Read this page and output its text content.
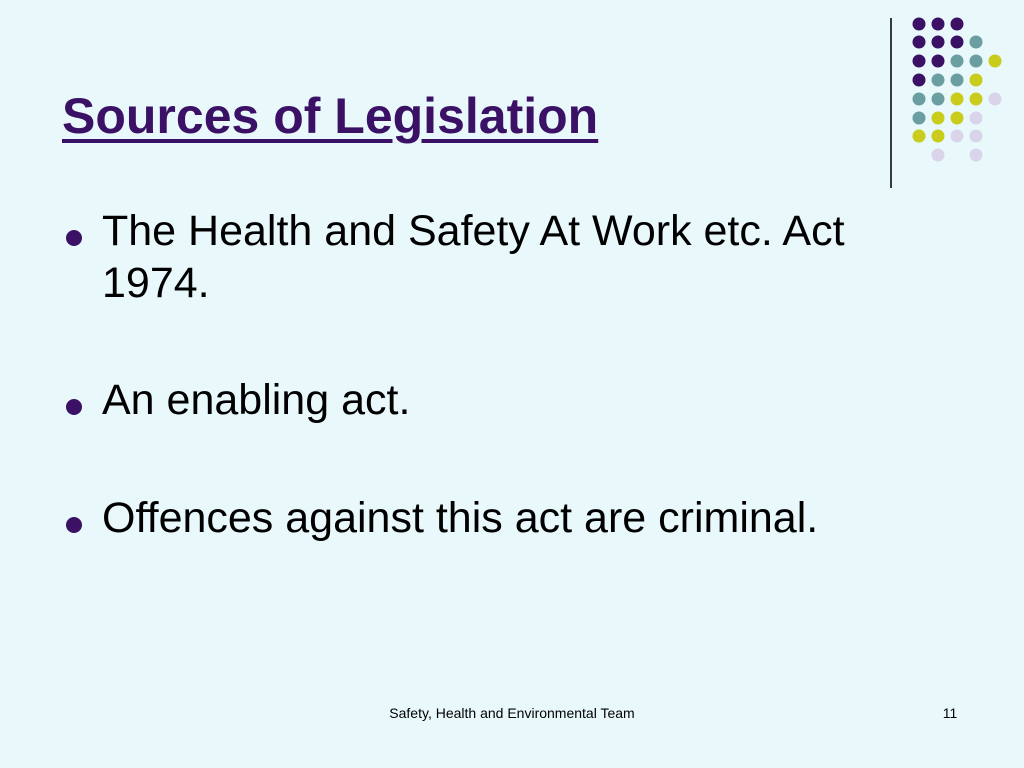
Sources of Legislation
The Health and Safety At Work etc. Act 1974.
An enabling act.
Offences against this act are criminal.
Safety, Health and Environmental Team	11
